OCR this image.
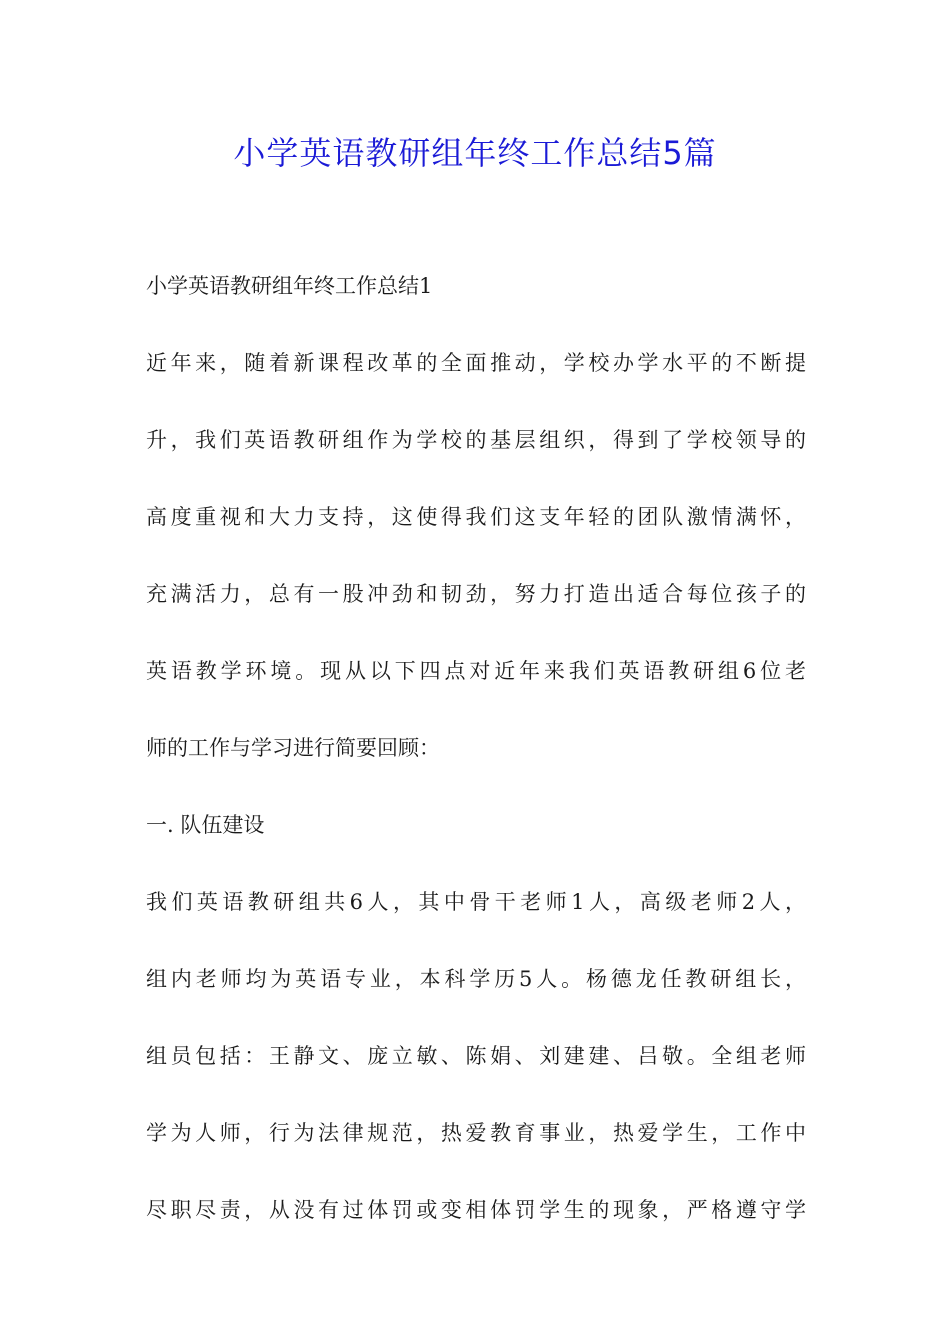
小学英语教研组年终工作总结5篇
小学英语教研组年终工作总结1
近年来，随着新课程改革的全面推动，学校办学水平的不断提
升，我们英语教研组作为学校的基层组织，得到了学校领导的
高度重视和大力支持，这使得我们这支年轻的团队激情满怀，
充满活力，总有一股冲劲和韧劲，努力打造出适合每位孩子的
英语教学环境。现从以下四点对近年来我们英语教研组6位老
师的工作与学习进行简要回顾：
一. 队伍建设
我们英语教研组共6人，其中骨干老师1人，高级老师2人，
组内老师均为英语专业，本科学历5人。杨德龙任教研组长，
组员包括：王静文、庞立敏、陈娟、刘建建、吕敬。全组老师
学为人师，行为法律规范，热爱教育事业，热爱学生，工作中
尽职尽责，从没有过体罚或变相体罚学生的现象，严格遵守学
